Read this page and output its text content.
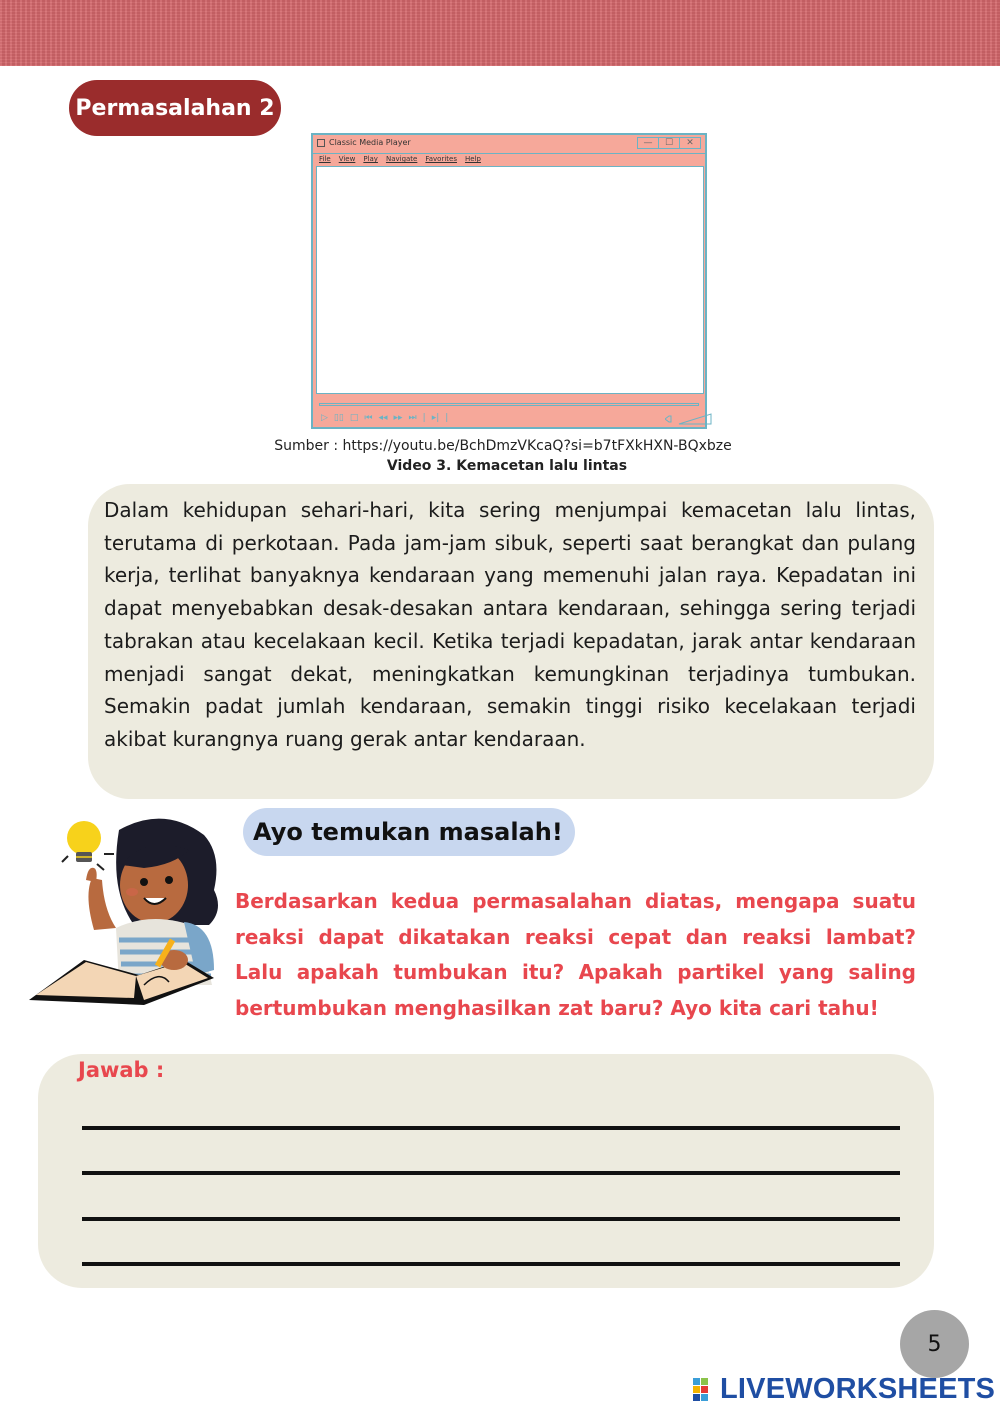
Permasalahan 2
Classic Media Player	—	☐	✕
File View Play Navigate Favorites Help
▷ ▯▯ □ ⏮ ◂◂ ▸▸ ⏭ | ▸| |
Sumber : https://youtu.be/BchDmzVKcaQ?si=b7tFXkHXN-BQxbze
Video 3. Kemacetan lalu lintas

Dalam kehidupan sehari-hari, kita sering menjumpai kemacetan lalu lintas, terutama di perkotaan. Pada jam-jam sibuk, seperti saat berangkat dan pulang kerja, terlihat banyaknya kendaraan yang memenuhi jalan raya. Kepadatan ini dapat menyebabkan desak-desakan antara kendaraan, sehingga sering terjadi tabrakan atau kecelakaan kecil. Ketika terjadi kepadatan, jarak antar kendaraan menjadi sangat dekat, meningkatkan kemungkinan terjadinya tumbukan. Semakin padat jumlah kendaraan, semakin tinggi risiko kecelakaan terjadi akibat kurangnya ruang gerak antar kendaraan.

Ayo temukan masalah!

Berdasarkan kedua permasalahan diatas, mengapa suatu reaksi dapat dikatakan reaksi cepat dan reaksi lambat? Lalu apakah tumbukan itu? Apakah partikel yang saling bertumbukan menghasilkan zat baru? Ayo kita cari tahu!

Jawab :
5
LIVEWORKSHEETS
